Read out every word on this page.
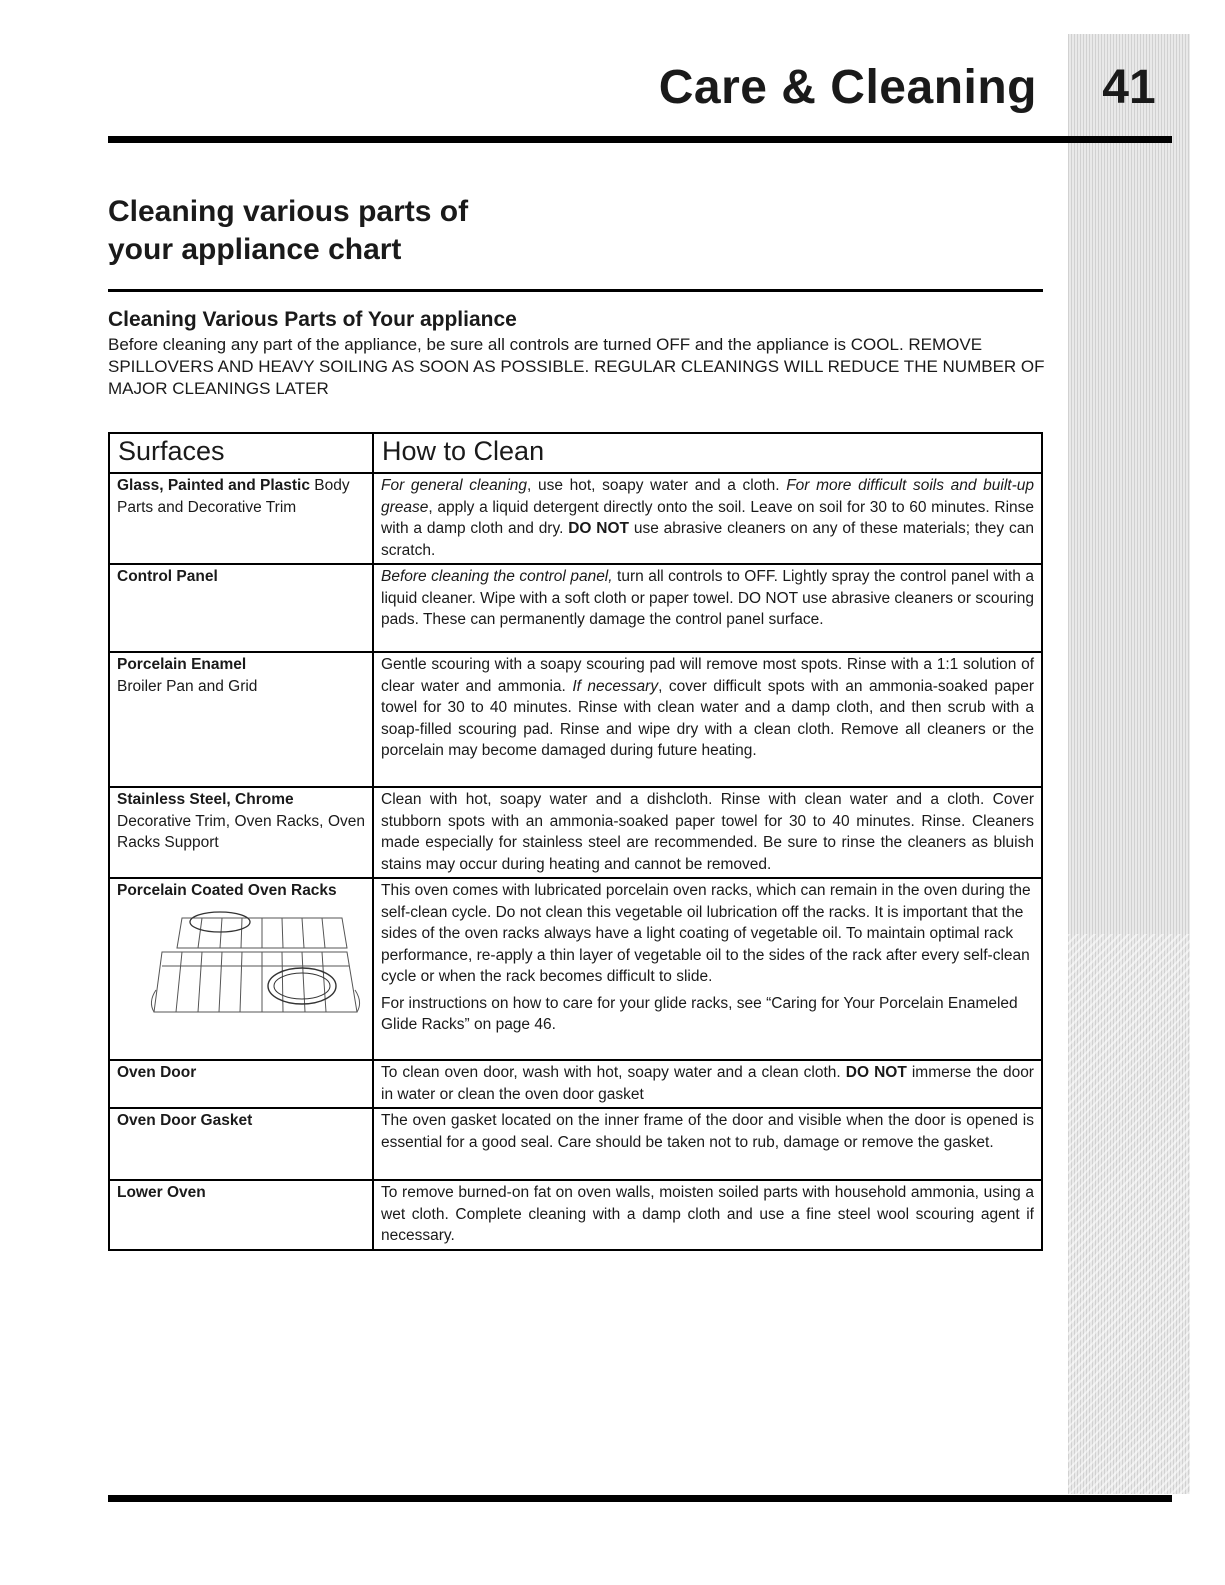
Care & Cleaning	41
Cleaning various parts of
your appliance chart
Cleaning Various Parts of Your appliance
Before cleaning any part of the appliance, be sure all controls are turned OFF and the appliance is COOL. REMOVE SPILLOVERS AND HEAVY SOILING AS SOON AS POSSIBLE. REGULAR CLEANINGS WILL REDUCE THE NUMBER OF MAJOR CLEANINGS LATER
Surfaces	How to Clean
Glass, Painted and Plastic Body Parts and Decorative Trim	For general cleaning, use hot, soapy water and a cloth. For more difficult soils and built-up grease, apply a liquid detergent directly onto the soil. Leave on soil for 30 to 60 minutes. Rinse with a damp cloth and dry. DO NOT use abrasive cleaners on any of these materials; they can scratch.

Control Panel	Before cleaning the control panel, turn all controls to OFF. Lightly spray the control panel with a liquid cleaner. Wipe with a soft cloth or paper towel. DO NOT use abrasive cleaners or scouring pads. These can permanently damage the control panel surface.

Porcelain Enamel
Broiler Pan and Grid	Gentle scouring with a soapy scouring pad will remove most spots. Rinse with a 1:1 solution of clear water and ammonia. If necessary, cover difficult spots with an ammonia-soaked paper towel for 30 to 40 minutes. Rinse with clean water and a damp cloth, and then scrub with a soap-filled scouring pad. Rinse and wipe dry with a clean cloth. Remove all cleaners or the porcelain may become damaged during future heating.

Stainless Steel, Chrome
Decorative Trim, Oven Racks, Oven Racks Support	Clean with hot, soapy water and a dishcloth. Rinse with clean water and a cloth. Cover stubborn spots with an ammonia-soaked paper towel for 30 to 40 minutes. Rinse. Cleaners made especially for stainless steel are recommended. Be sure to rinse the cleaners as bluish stains may occur during heating and cannot be removed.

Porcelain Coated Oven Racks	This oven comes with lubricated porcelain oven racks, which can remain in the oven during the self-clean cycle. Do not clean this vegetable oil lubrication off the racks. It is important that the sides of the oven racks always have a light coating of vegetable oil. To maintain optimal rack performance, re-apply a thin layer of vegetable oil to the sides of the rack after every self-clean cycle or when the rack becomes difficult to slide.

For instructions on how to care for your glide racks, see “Caring for Your Porcelain Enameled Glide Racks” on page 46.

Oven Door	To clean oven door, wash with hot, soapy water and a clean cloth. DO NOT immerse the door in water or clean the oven door gasket

Oven Door Gasket	The oven gasket located on the inner frame of the door and visible when the door is opened is essential for a good seal. Care should be taken not to rub, damage or remove the gasket.

Lower Oven	To remove burned-on fat on oven walls, moisten soiled parts with household ammonia, using a wet cloth. Complete cleaning with a damp cloth and use a fine steel wool scouring agent if necessary.
